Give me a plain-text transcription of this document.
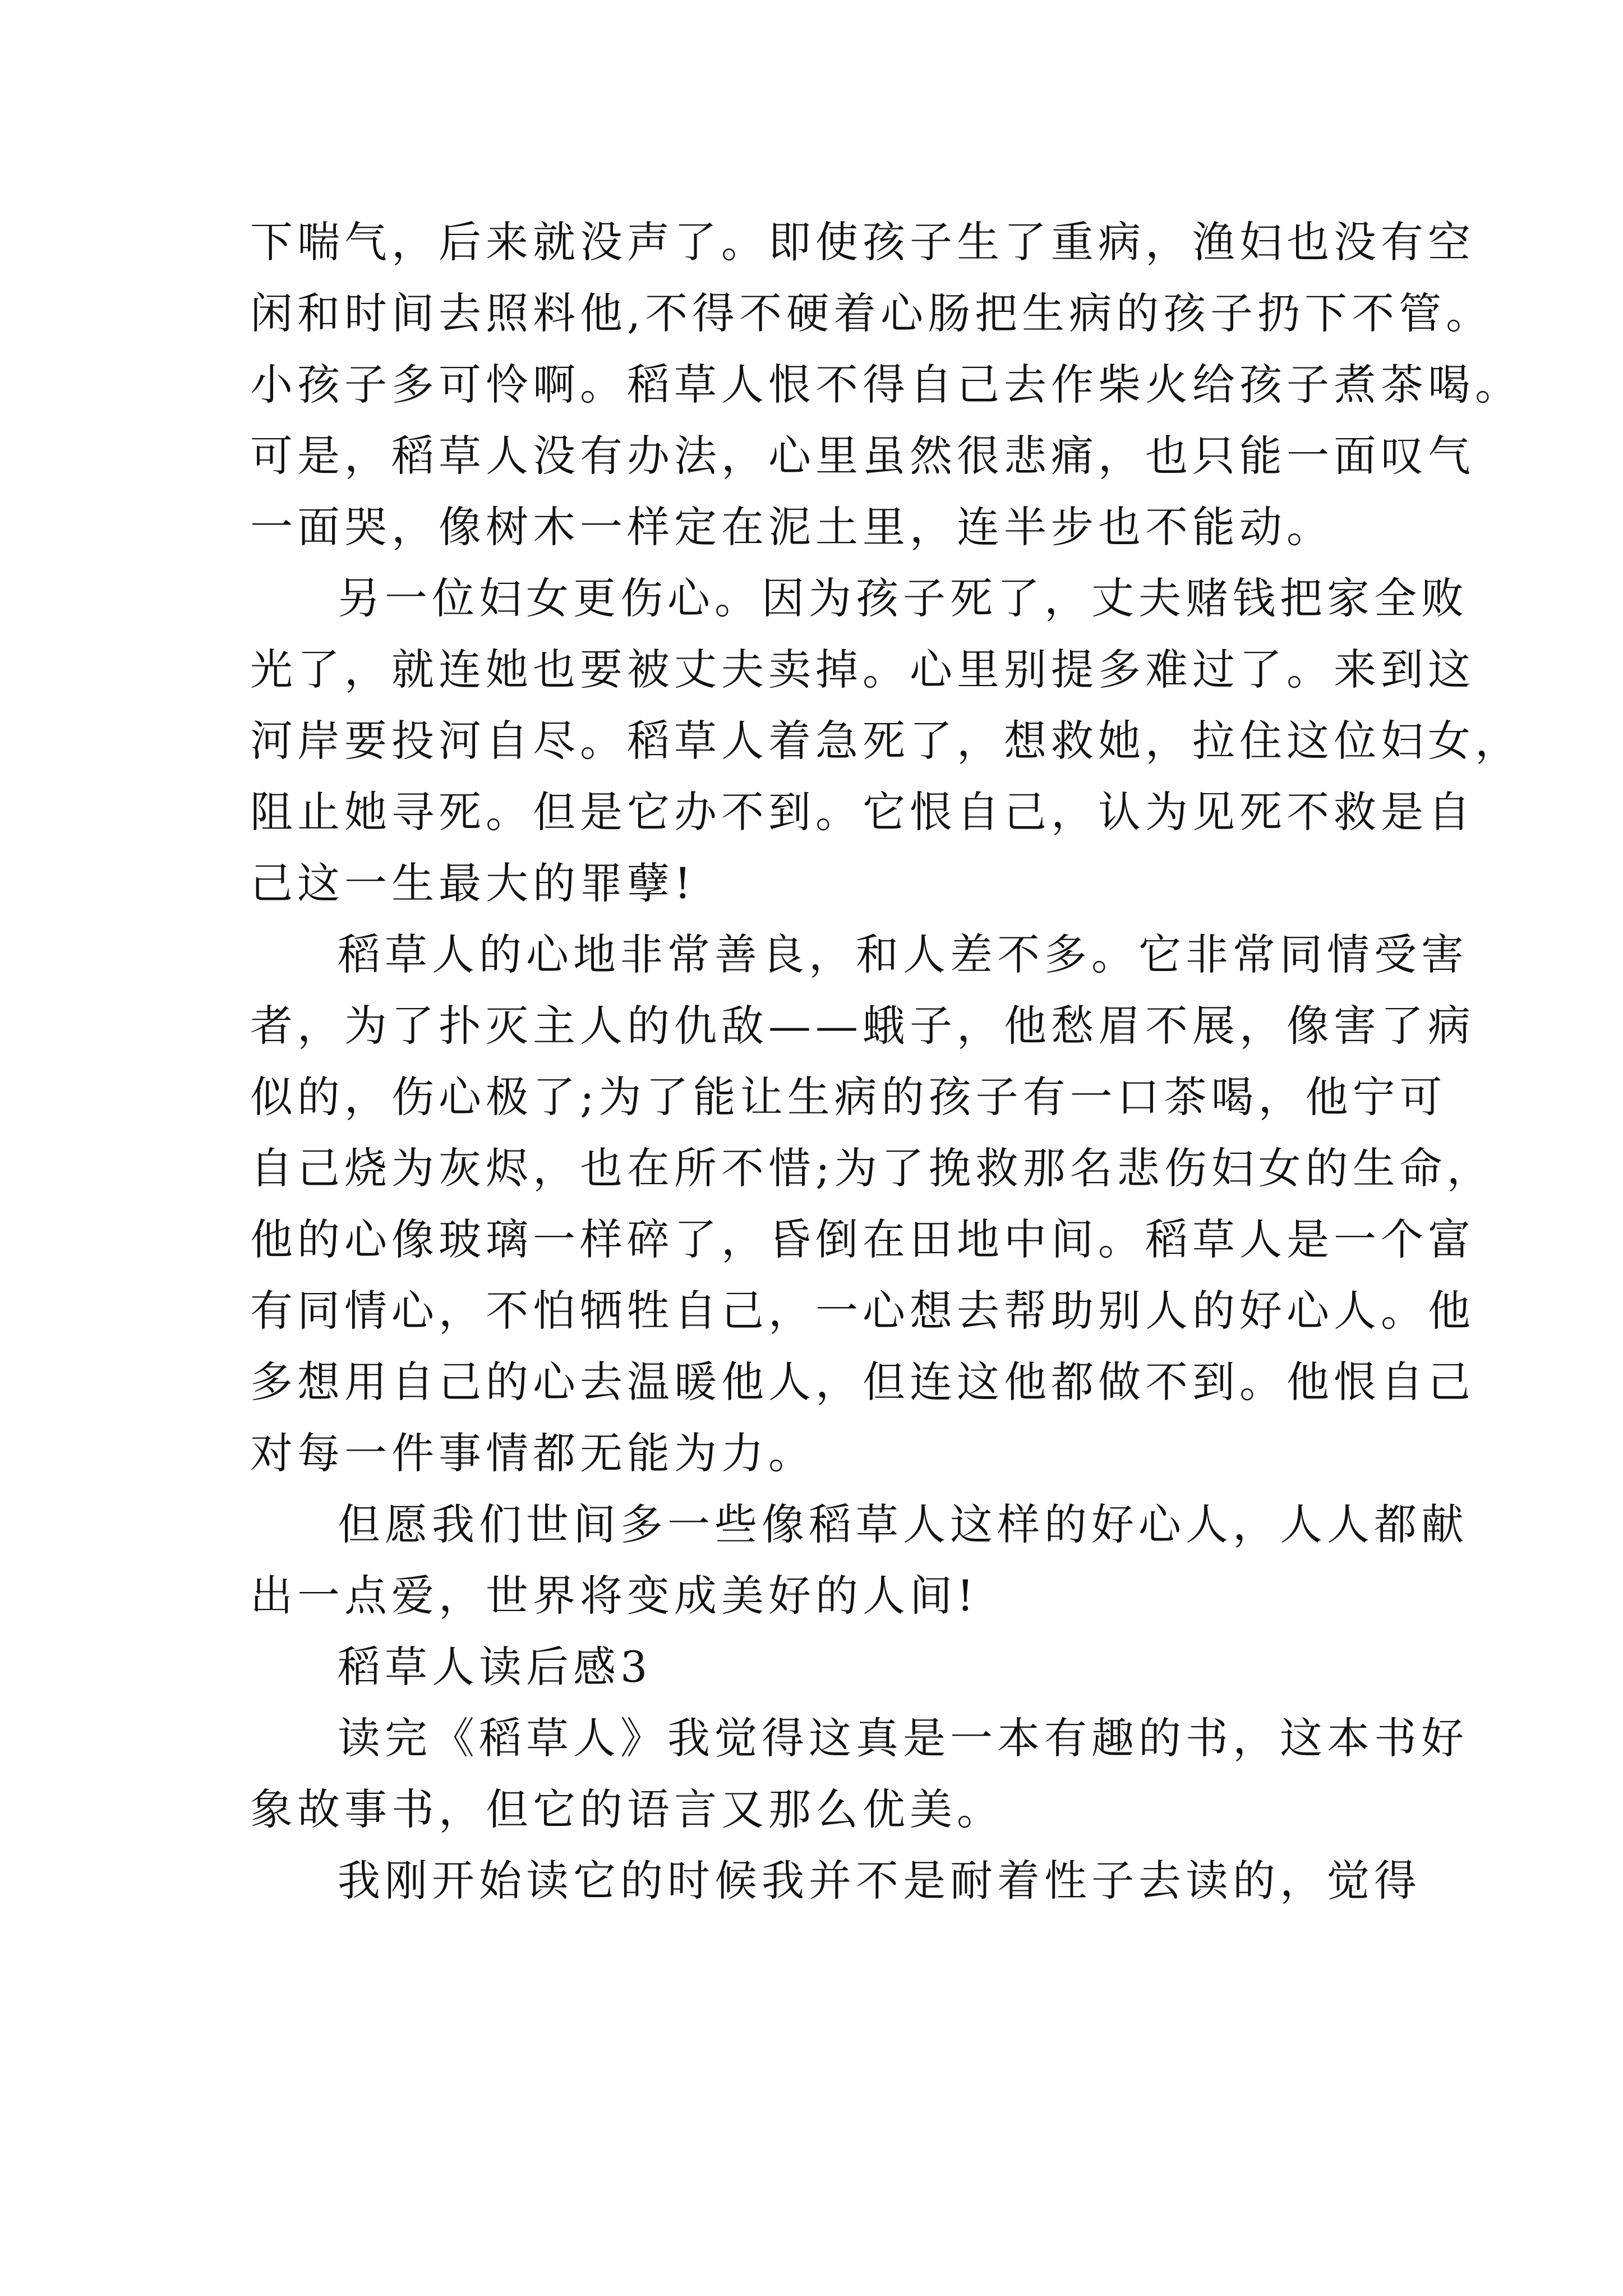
下喘气，后来就没声了。即使孩子生了重病，渔妇也没有空
闲和时间去照料他,不得不硬着心肠把生病的孩子扔下不管。
小孩子多可怜啊。稻草人恨不得自己去作柴火给孩子煮茶喝。
可是，稻草人没有办法，心里虽然很悲痛，也只能一面叹气
一面哭，像树木一样定在泥土里，连半步也不能动。
另一位妇女更伤心。因为孩子死了，丈夫赌钱把家全败
光了，就连她也要被丈夫卖掉。心里别提多难过了。来到这
河岸要投河自尽。稻草人着急死了，想救她，拉住这位妇女，
阻止她寻死。但是它办不到。它恨自己，认为见死不救是自
己这一生最大的罪孽!
稻草人的心地非常善良，和人差不多。它非常同情受害
者，为了扑灭主人的仇敌——蛾子，他愁眉不展，像害了病
似的，伤心极了;为了能让生病的孩子有一口茶喝，他宁可
自己烧为灰烬，也在所不惜;为了挽救那名悲伤妇女的生命，
他的心像玻璃一样碎了，昏倒在田地中间。稻草人是一个富
有同情心，不怕牺牲自己，一心想去帮助别人的好心人。他
多想用自己的心去温暖他人，但连这他都做不到。他恨自己
对每一件事情都无能为力。
但愿我们世间多一些像稻草人这样的好心人，人人都献
出一点爱，世界将变成美好的人间!
稻草人读后感3
读完《稻草人》我觉得这真是一本有趣的书，这本书好
象故事书，但它的语言又那么优美。
我刚开始读它的时候我并不是耐着性子去读的，觉得
